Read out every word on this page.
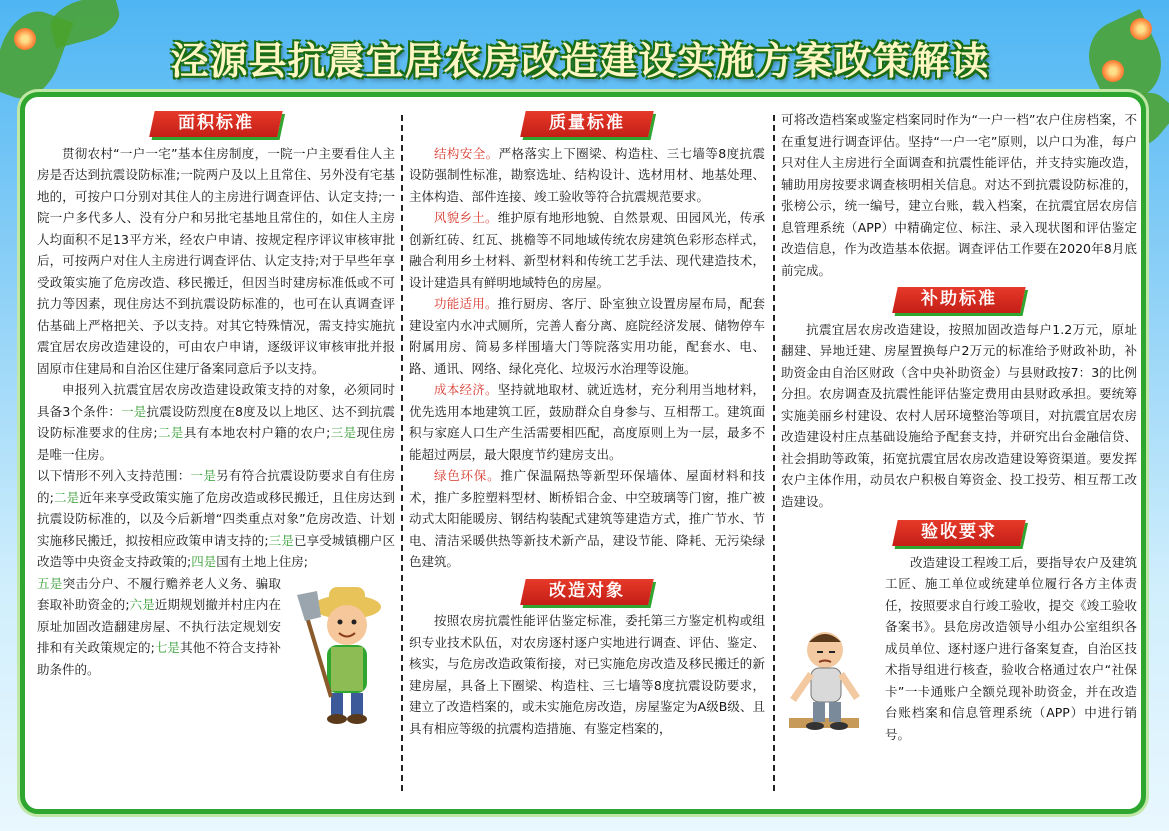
泾源县抗震宜居农房改造建设实施方案政策解读
面积标准

贯彻农村“一户一宅”基本住房制度，一院一户主要看住人主房是否达到抗震设防标准;一院两户及以上且常住、另外没有宅基地的，可按户口分别对其住人的主房进行调查评估、认定支持;一院一户多代多人、没有分户和另批宅基地且常住的，如住人主房人均面积不足13平方米，经农户申请、按规定程序评议审核审批后，可按两户对住人主房进行调查评估、认定支持;对于早些年享受政策实施了危房改造、移民搬迁，但因当时建房标准低或不可抗力等因素，现住房达不到抗震设防标准的，也可在认真调查评估基础上严格把关、予以支持。对其它特殊情况，需支持实施抗震宜居农房改造建设的，可由农户申请，逐级评议审核审批并报固原市住建局和自治区住建厅备案同意后予以支持。

申报列入抗震宜居农房改造建设政策支持的对象，必须同时具备3个条件：一是抗震设防烈度在8度及以上地区、达不到抗震设防标准要求的住房;二是具有本地农村户籍的农户;三是现住房是唯一住房。

以下情形不列入支持范围：一是另有符合抗震设防要求自有住房的;二是近年来享受政策实施了危房改造或移民搬迁，且住房达到抗震设防标准的，以及今后新增“四类重点对象”危房改造、计划实施移民搬迁，拟按相应政策申请支持的;三是已享受城镇棚户区改造等中央资金支持政策的;四是国有土地上住房;

五是突击分户、不履行赡养老人义务、骗取套取补助资金的;六是近期规划撤并村庄内在原址加固改造翻建房屋、不执行法定规划安排和有关政策规定的;七是其他不符合支持补助条件的。

质量标准

结构安全。严格落实上下圈梁、构造柱、三七墙等8度抗震设防强制性标准，勘察选址、结构设计、选材用材、地基处理、主体构造、部件连接、竣工验收等符合抗震规范要求。

风貌乡土。维护原有地形地貌、自然景观、田园风光，传承创新红砖、红瓦、挑檐等不同地域传统农房建筑色彩形态样式，融合利用乡土材料、新型材料和传统工艺手法、现代建造技术，设计建造具有鲜明地域特色的房屋。

功能适用。推行厨房、客厅、卧室独立设置房屋布局，配套建设室内水冲式厕所，完善人畜分离、庭院经济发展、储物停车附属用房、简易多样围墙大门等院落实用功能，配套水、电、路、通讯、网络、绿化亮化、垃圾污水治理等设施。

成本经济。坚持就地取材、就近选材，充分利用当地材料，优先选用本地建筑工匠，鼓励群众自身参与、互相帮工。建筑面积与家庭人口生产生活需要相匹配，高度原则上为一层，最多不能超过两层，最大限度节约建房支出。

绿色环保。推广保温隔热等新型环保墙体、屋面材料和技术，推广多腔塑料型材、断桥铝合金、中空玻璃等门窗，推广被动式太阳能暖房、钢结构装配式建筑等建造方式，推广节水、节电、清洁采暖供热等新技术新产品，建设节能、降耗、无污染绿色建筑。

改造对象

按照农房抗震性能评估鉴定标准，委托第三方鉴定机构或组织专业技术队伍，对农房逐村逐户实地进行调查、评估、鉴定、核实，与危房改造政策衔接，对已实施危房改造及移民搬迁的新建房屋，具备上下圈梁、构造柱、三七墙等8度抗震设防要求，建立了改造档案的，或未实施危房改造，房屋鉴定为A级B级、且具有相应等级的抗震构造措施、有鉴定档案的，

可将改造档案或鉴定档案同时作为“一户一档”农户住房档案，不在重复进行调查评估。坚持“一户一宅”原则，以户口为准，每户只对住人主房进行全面调查和抗震性能评估，并支持实施改造，辅助用房按要求调查核明相关信息。对达不到抗震设防标准的，张榜公示，统一编号，建立台账，载入档案，在抗震宜居农房信息管理系统（APP）中精确定位、标注、录入现状图和评估鉴定改造信息，作为改造基本依据。调查评估工作要在2020年8月底前完成。

补助标准

抗震宜居农房改造建设，按照加固改造每户1.2万元，原址翻建、异地迁建、房屋置换每户2万元的标准给予财政补助，补助资金由自治区财政（含中央补助资金）与县财政按7：3的比例分担。农房调查及抗震性能评估鉴定费用由县财政承担。要统筹实施美丽乡村建设、农村人居环境整治等项目，对抗震宜居农房改造建设村庄点基础设施给予配套支持，并研究出台金融信贷、社会捐助等政策，拓宽抗震宜居农房改造建设筹资渠道。要发挥农户主体作用，动员农户积极自筹资金、投工投劳、相互帮工改造建设。

验收要求

改造建设工程竣工后，要指导农户及建筑工匠、施工单位或统建单位履行各方主体责任，按照要求自行竣工验收，提交《竣工验收备案书》。县危房改造领导小组办公室组织各成员单位、逐村逐户进行备案复查，自治区技术指导组进行核查，验收合格通过农户“社保卡”一卡通账户全额兑现补助资金，并在改造台账档案和信息管理系统（APP）中进行销号。
